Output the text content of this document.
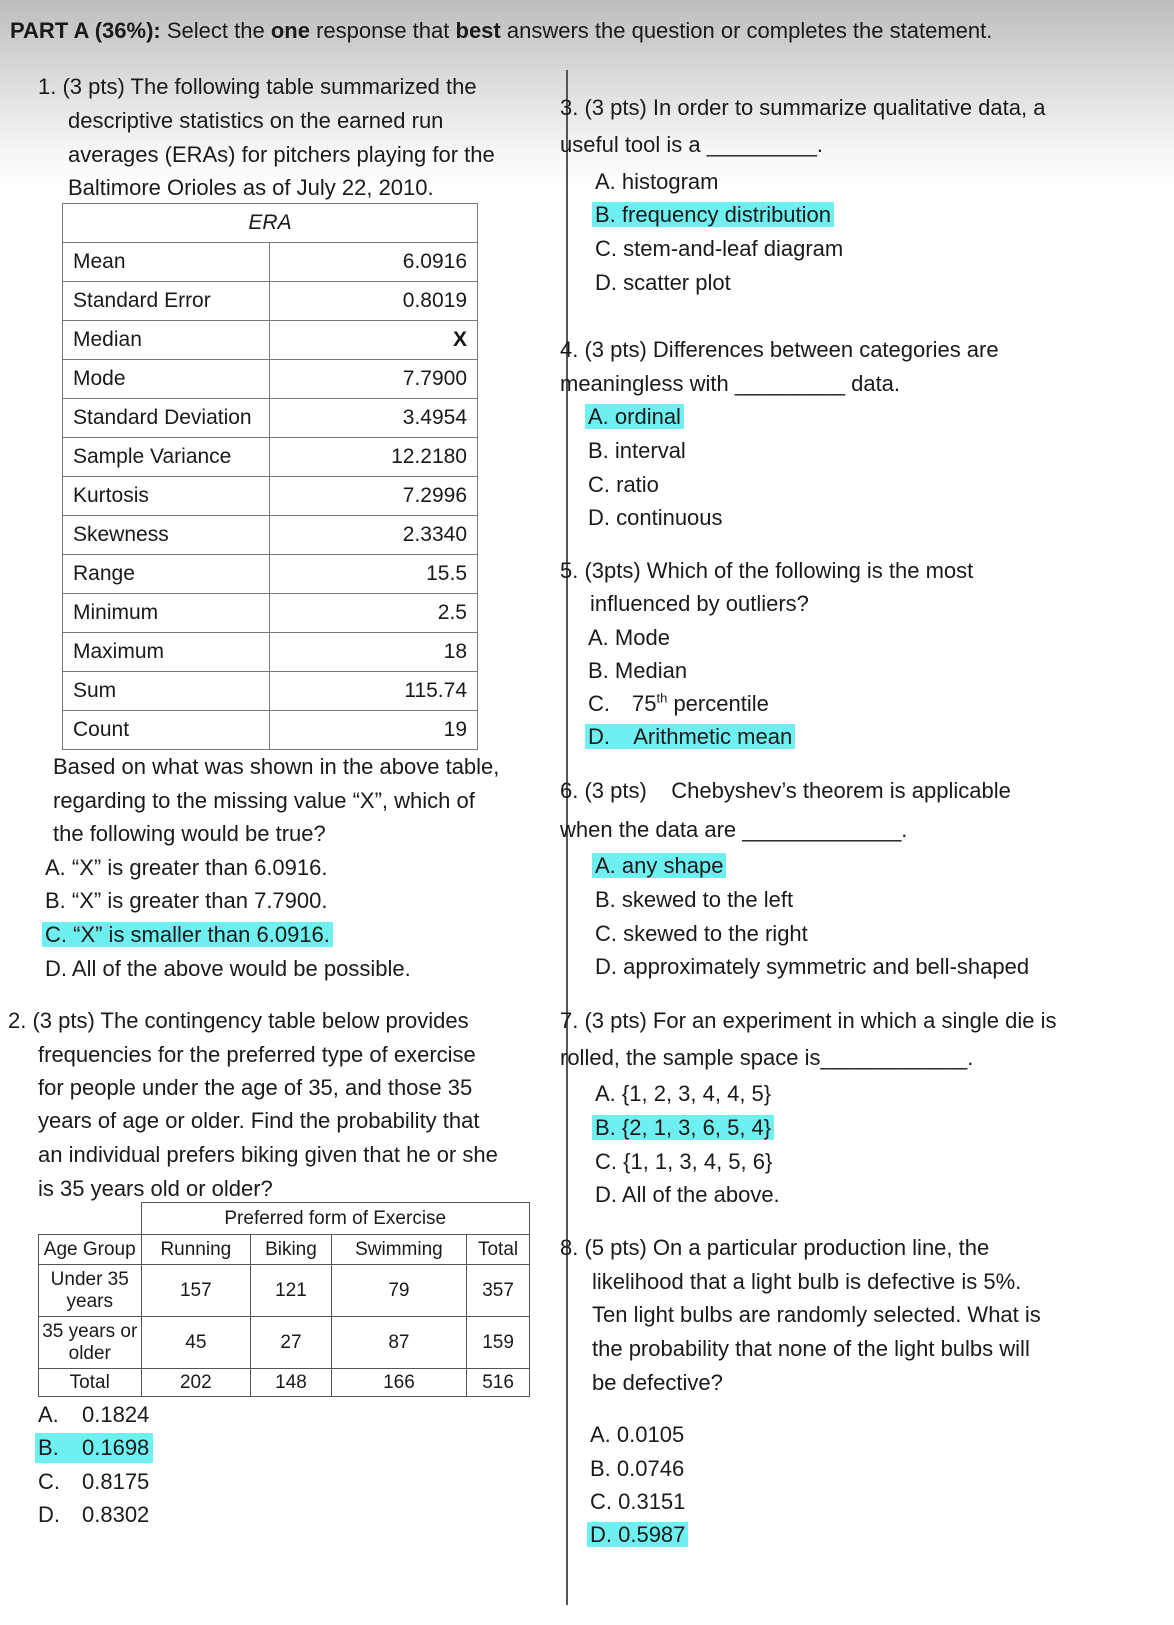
PART A (36%): Select the one response that best answers the question or completes the statement.
1. (3 pts) The following table summarized the
descriptive statistics on the earned run
averages (ERAs) for pitchers playing for the
Baltimore Orioles as of July 22, 2010.
ERA	
Mean	6.0916
Standard Error	0.8019
Median	X
Mode	7.7900
Standard Deviation	3.4954
Sample Variance	12.2180
Kurtosis	7.2996
Skewness	2.3340
Range	15.5
Minimum	2.5
Maximum	18
Sum	115.74
Count	19
Based on what was shown in the above table,
regarding to the missing value “X”, which of
the following would be true?
A. “X” is greater than 6.0916.
B. “X” is greater than 7.7900.
C. “X” is smaller than 6.0916.
D. All of the above would be possible.
2. (3 pts) The contingency table below provides
frequencies for the preferred type of exercise
for people under the age of 35, and those 35
years of age or older. Find the probability that
an individual prefers biking given that he or she
is 35 years old or older?
	Preferred form of Exercise			
Age Group	Running	Biking	Swimming	Total

Under 35
years	157	121	79	357

35 years or
older	45	27	87	159
Total	202	148	166	516
A. 0.1824
B. 0.1698
C. 0.8175
D. 0.8302
3. (3 pts) In order to summarize qualitative data, a
useful tool is a _________.
A. histogram
B. frequency distribution
C. stem-and-leaf diagram
D. scatter plot
4. (3 pts) Differences between categories are
meaningless with _________ data.
A. ordinal
B. interval
C. ratio
D. continuous
5. (3pts) Which of the following is the most
influenced by outliers?
A. Mode
B. Median
C. 75th percentile
D.    Arithmetic mean
6. (3 pts)    Chebyshev’s theorem is applicable
when the data are _____________.
A. any shape
B. skewed to the left
C. skewed to the right
D. approximately symmetric and bell-shaped
7. (3 pts) For an experiment in which a single die is
rolled, the sample space is____________.
A. {1, 2, 3, 4, 4, 5}
B. {2, 1, 3, 6, 5, 4}
C. {1, 1, 3, 4, 5, 6}
D. All of the above.
8. (5 pts) On a particular production line, the
likelihood that a light bulb is defective is 5%.
Ten light bulbs are randomly selected. What is
the probability that none of the light bulbs will
be defective?
A. 0.0105
B. 0.0746
C. 0.3151
D. 0.5987
